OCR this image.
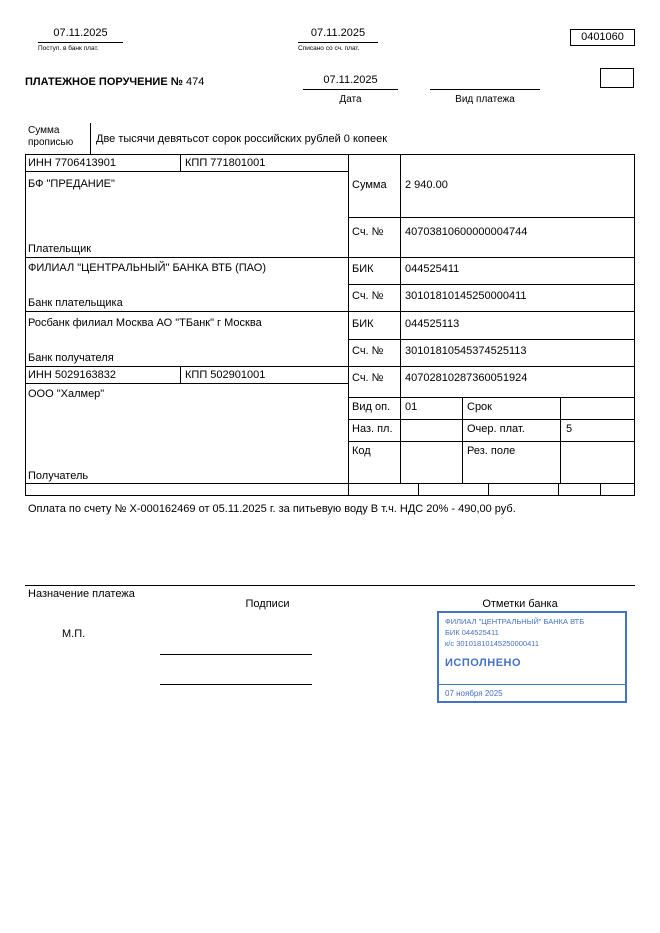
07.11.2025
Поступ. в банк плат.
07.11.2025
Списано со сч. плат.
0401060
ПЛАТЕЖНОЕ ПОРУЧЕНИЕ № 474	07.11.2025
Дата	Вид платежа
Сумма прописью	Две тысячи девятьсот сорок российских рублей 0 копеек
ИНН 7706413901	КПП 771801001
БФ "ПРЕДАНИЕ"
Плательщик
Сумма 2 940.00
Сч. № 40703810600000004744
ФИЛИАЛ "ЦЕНТРАЛЬНЫЙ" БАНКА ВТБ (ПАО)
Банк плательщика
БИК	044525411
Сч. № 30101810145250000411
Росбанк филиал Москва АО "ТБанк" г Москва
Банк получателя
БИК	044525113
Сч. № 30101810545374525113
ИНН 5029163832	КПП 502901001	Сч. № 40702810287360051924
ООО "Халмер"
Получатель
Вид оп. 01	Срок
Наз. пл.	Очер. плат.	5
Код	Рез. поле
Оплата по счету № Х-000162469 от 05.11.2025 г. за питьевую воду В т.ч. НДС 20% - 490,00 руб.
Назначение платежа
Подписи	Отметки банка
М.П.
ФИЛИАЛ "ЦЕНТРАЛЬНЫЙ" БАНКА ВТБ
БИК 044525411
к/с 30101810145250000411
ИСПОЛНЕНО
07 ноября 2025
